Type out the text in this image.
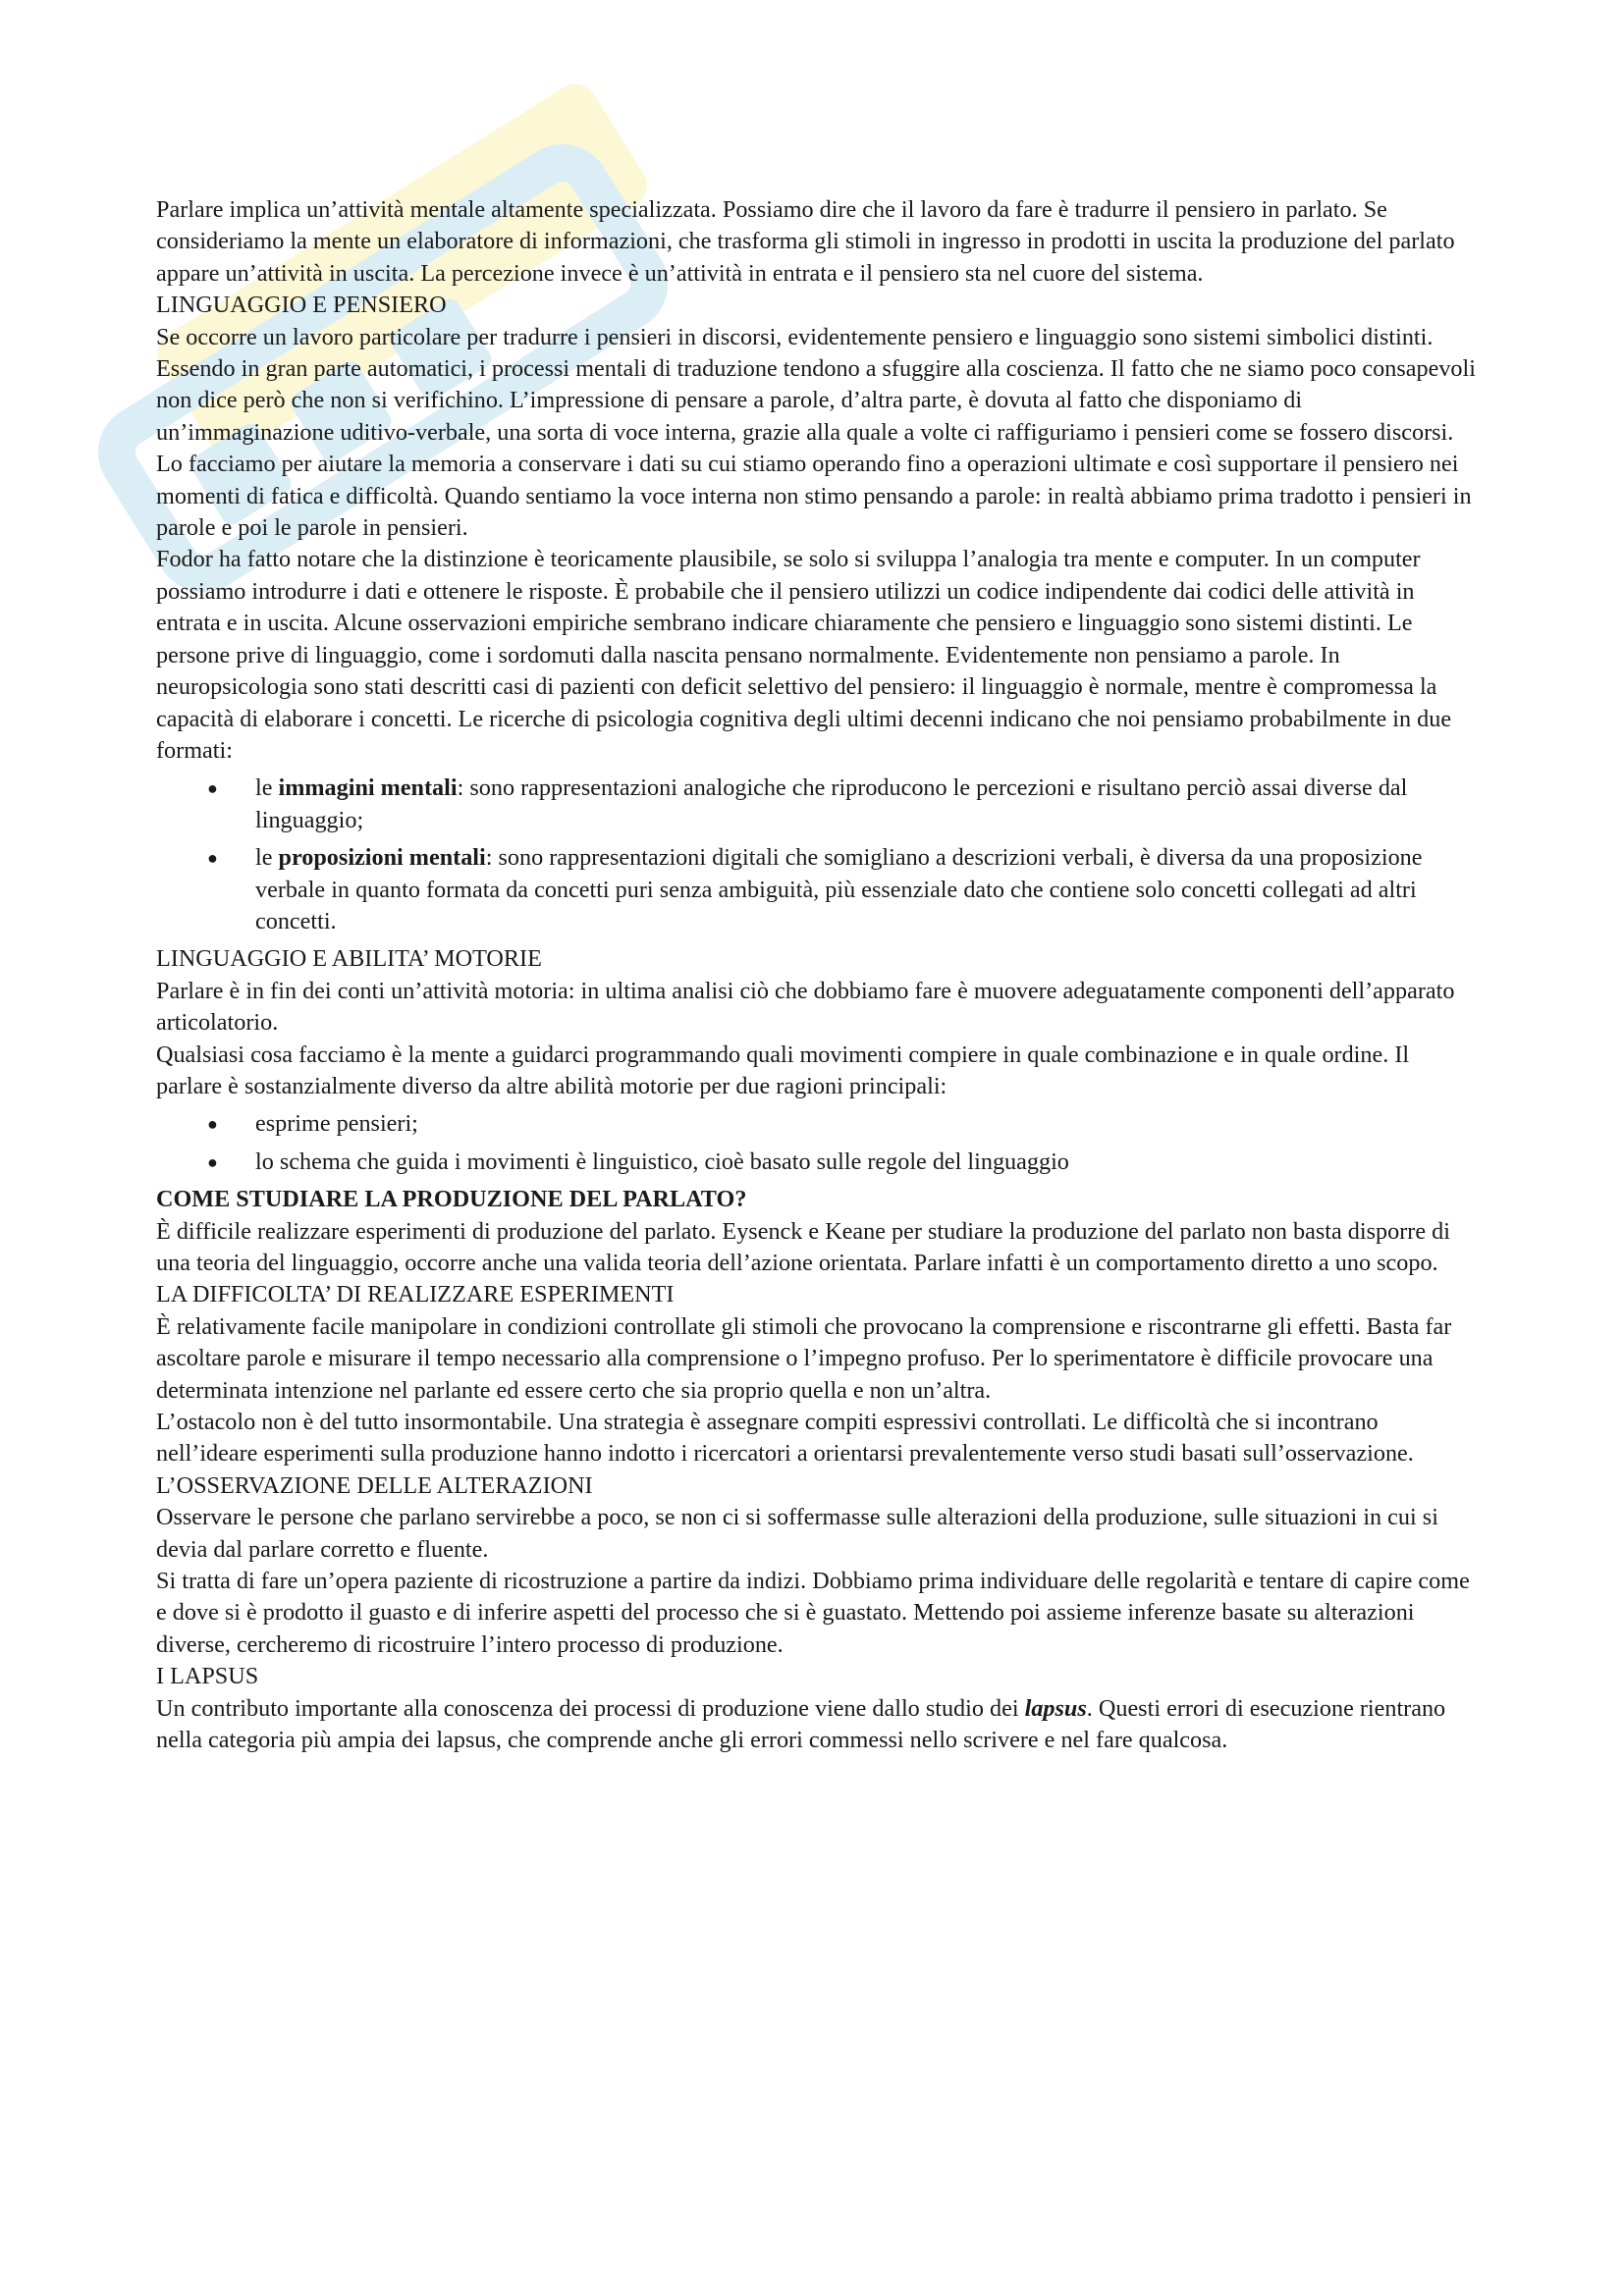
Parlare implica un’attività mentale altamente specializzata. Possiamo dire che il lavoro da fare è tradurre il pensiero in parlato. Se consideriamo la mente un elaboratore di informazioni, che trasforma gli stimoli in ingresso in prodotti in uscita la produzione del parlato appare un’attività in uscita. La percezione invece è un’attività in entrata e il pensiero sta nel cuore del sistema.

LINGUAGGIO E PENSIERO

Se occorre un lavoro particolare per tradurre i pensieri in discorsi, evidentemente pensiero e linguaggio sono sistemi simbolici distinti. Essendo in gran parte automatici, i processi mentali di traduzione tendono a sfuggire alla coscienza. Il fatto che ne siamo poco consapevoli non dice però che non si verifichino. L’impressione di pensare a parole, d’altra parte, è dovuta al fatto che disponiamo di un’immaginazione uditivo-verbale, una sorta di voce interna, grazie alla quale a volte ci raffiguriamo i pensieri come se fossero discorsi. Lo facciamo per aiutare la memoria a conservare i dati su cui stiamo operando fino a operazioni ultimate e così supportare il pensiero nei momenti di fatica e difficoltà. Quando sentiamo la voce interna non stimo pensando a parole: in realtà abbiamo prima tradotto i pensieri in parole e poi le parole in pensieri.

Fodor ha fatto notare che la distinzione è teoricamente plausibile, se solo si sviluppa l’analogia tra mente e computer. In un computer possiamo introdurre i dati e ottenere le risposte. È probabile che il pensiero utilizzi un codice indipendente dai codici delle attività in entrata e in uscita. Alcune osservazioni empiriche sembrano indicare chiaramente che pensiero e linguaggio sono sistemi distinti. Le persone prive di linguaggio, come i sordomuti dalla nascita pensano normalmente. Evidentemente non pensiamo a parole. In neuropsicologia sono stati descritti casi di pazienti con deficit selettivo del pensiero: il linguaggio è normale, mentre è compromessa la capacità di elaborare i concetti. Le ricerche di psicologia cognitiva degli ultimi decenni indicano che noi pensiamo probabilmente in due formati:

● le immagini mentali: sono rappresentazioni analogiche che riproducono le percezioni e risultano perciò assai diverse dal linguaggio;
● le proposizioni mentali: sono rappresentazioni digitali che somigliano a descrizioni verbali, è diversa da una proposizione verbale in quanto formata da concetti puri senza ambiguità, più essenziale dato che contiene solo concetti collegati ad altri concetti.

LINGUAGGIO E ABILITA’ MOTORIE

Parlare è in fin dei conti un’attività motoria: in ultima analisi ciò che dobbiamo fare è muovere adeguatamente componenti dell’apparato articolatorio.

Qualsiasi cosa facciamo è la mente a guidarci programmando quali movimenti compiere in quale combinazione e in quale ordine. Il parlare è sostanzialmente diverso da altre abilità motorie per due ragioni principali:

● esprime pensieri;
● lo schema che guida i movimenti è linguistico, cioè basato sulle regole del linguaggio

COME STUDIARE LA PRODUZIONE DEL PARLATO?

È difficile realizzare esperimenti di produzione del parlato. Eysenck e Keane per studiare la produzione del parlato non basta disporre di una teoria del linguaggio, occorre anche una valida teoria dell’azione orientata. Parlare infatti è un comportamento diretto a uno scopo.

LA DIFFICOLTA’ DI REALIZZARE ESPERIMENTI

È relativamente facile manipolare in condizioni controllate gli stimoli che provocano la comprensione e riscontrarne gli effetti. Basta far ascoltare parole e misurare il tempo necessario alla comprensione o l’impegno profuso. Per lo sperimentatore è difficile provocare una determinata intenzione nel parlante ed essere certo che sia proprio quella e non un’altra.

L’ostacolo non è del tutto insormontabile. Una strategia è assegnare compiti espressivi controllati. Le difficoltà che si incontrano nell’ideare esperimenti sulla produzione hanno indotto i ricercatori a orientarsi prevalentemente verso studi basati sull’osservazione.

L’OSSERVAZIONE DELLE ALTERAZIONI

Osservare le persone che parlano servirebbe a poco, se non ci si soffermasse sulle alterazioni della produzione, sulle situazioni in cui si devia dal parlare corretto e fluente.

Si tratta di fare un’opera paziente di ricostruzione a partire da indizi. Dobbiamo prima individuare delle regolarità e tentare di capire come e dove si è prodotto il guasto e di inferire aspetti del processo che si è guastato. Mettendo poi assieme inferenze basate su alterazioni diverse, cercheremo di ricostruire l’intero processo di produzione.

I LAPSUS

Un contributo importante alla conoscenza dei processi di produzione viene dallo studio dei lapsus. Questi errori di esecuzione rientrano nella categoria più ampia dei lapsus, che comprende anche gli errori commessi nello scrivere e nel fare qualcosa.
